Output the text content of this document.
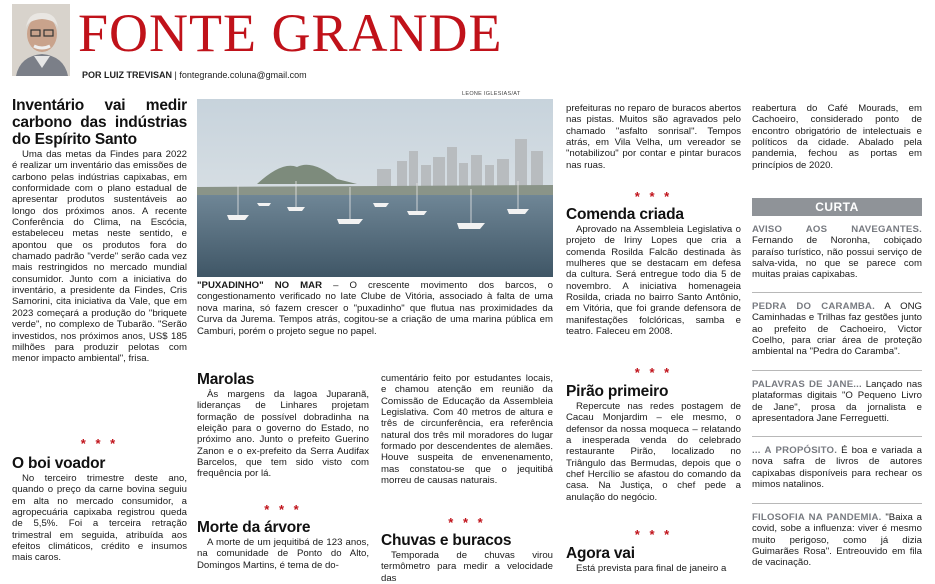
FONTE GRANDE
POR LUIZ TREVISAN | fontegrande.coluna@gmail.com
Inventário vai medir carbono das indústrias do Espírito Santo

Uma das metas da Findes para 2022 é realizar um inventário das emissões de carbono pelas indústrias capixabas, em conformidade com o plano estadual de apresentar produtos sustentáveis ao longo dos próximos anos. A recente Conferência do Clima, na Escócia, estabeleceu metas neste sentido, e apontou que os produtos fora do chamado padrão "verde" serão cada vez mais restringidos no mercado mundial consumidor. Junto com a iniciativa do inventário, a presidente da Findes, Cris Samorini, cita iniciativa da Vale, que em 2023 começará a produção do "briquete verde", no complexo de Tubarão. "Serão investidos, nos próximos anos, US$ 185 milhões para produzir pelotas com menor impacto ambiental", frisa.

* * *
O boi voador

No terceiro trimestre deste ano, quando o preço da carne bovina seguiu em alta no mercado consumidor, a agropecuária capixaba registrou queda de 5,5%. Foi a terceira retração trimestral em seguida, atribuída aos efeitos climáticos, crédito e insumos mais caros.

LEONE IGLESIAS/AT
"PUXADINHO" NO MAR – O crescente movimento dos barcos, o congestionamento verificado no Iate Clube de Vitória, associado à falta de uma nova marina, só fazem crescer o "puxadinho" que flutua nas proximidades da Curva da Jurema. Tempos atrás, cogitou-se a criação de uma marina pública em Camburi, porém o projeto segue no papel.
Marolas

Às margens da lagoa Juparanã, lideranças de Linhares projetam formação de possível dobradinha na eleição para o governo do Estado, no próximo ano. Junto o prefeito Guerino Zanon e o ex-prefeito da Serra Audifax Barcelos, que tem sido visto com frequência por lá.

* * *
Morte da árvore

A morte de um jequitibá de 123 anos, na comunidade de Ponto do Alto, Domingos Martins, é tema de do-

cumentário feito por estudantes locais, e chamou atenção em reunião da Comissão de Educação da Assembleia Legislativa. Com 40 metros de altura e três de circunferência, era referência natural dos três mil moradores do lugar formado por descendentes de alemães. Houve suspeita de envenenamento, mas constatou-se que o jequitibá morreu de causas naturais.

* * *
Chuvas e buracos

Temporada de chuvas virou termômetro para medir a velocidade das

prefeituras no reparo de buracos abertos nas pistas. Muitos são agravados pelo chamado "asfalto sonrisal". Tempos atrás, em Vila Velha, um vereador se "notabilizou" por contar e pintar buracos nas ruas.

* * *
Comenda criada

Aprovado na Assembleia Legislativa o projeto de Iriny Lopes que cria a comenda Rosilda Falcão destinada às mulheres que se destacam em defesa da cultura. Será entregue todo dia 5 de novembro. A iniciativa homenageia Rosilda, criada no bairro Santo Antônio, em Vitória, que foi grande defensora de manifestações folclóricas, samba e teatro. Faleceu em 2008.

* * *
Pirão primeiro

Repercute nas redes postagem de Cacau Monjardim – ele mesmo, o defensor da nossa moqueca – relatando a inesperada venda do celebrado restaurante Pirão, localizado no Triângulo das Bermudas, depois que o chef Hercílio se afastou do comando da casa. Na Justiça, o chef pede a anulação do negócio.

* * *
Agora vai

Está prevista para final de janeiro a

reabertura do Café Mourads, em Cachoeiro, considerado ponto de encontro obrigatório de intelectuais e políticos da cidade. Abalado pela pandemia, fechou as portas em princípios de 2020.

CURTA
AVISO AOS NAVEGANTES. Fernando de Noronha, cobiçado paraíso turístico, não possui serviço de salva-vida, no que se parece com muitas praias capixabas.
PEDRA DO CARAMBA. A ONG Caminhadas e Trilhas faz gestões junto ao prefeito de Cachoeiro, Victor Coelho, para criar área de proteção ambiental na "Pedra do Caramba".
PALAVRAS DE JANE... Lançado nas plataformas digitais "O Pequeno Livro de Jane", prosa da jornalista e apresentadora Jane Ferreguetti.
... A PROPÓSITO. É boa e variada a nova safra de livros de autores capixabas disponíveis para rechear os mimos natalinos.
FILOSOFIA NA PANDEMIA. "Baixa a covid, sobe a influenza: viver é mesmo muito perigoso, como já dizia Guimarães Rosa". Entreouvido em fila de vacinação.
